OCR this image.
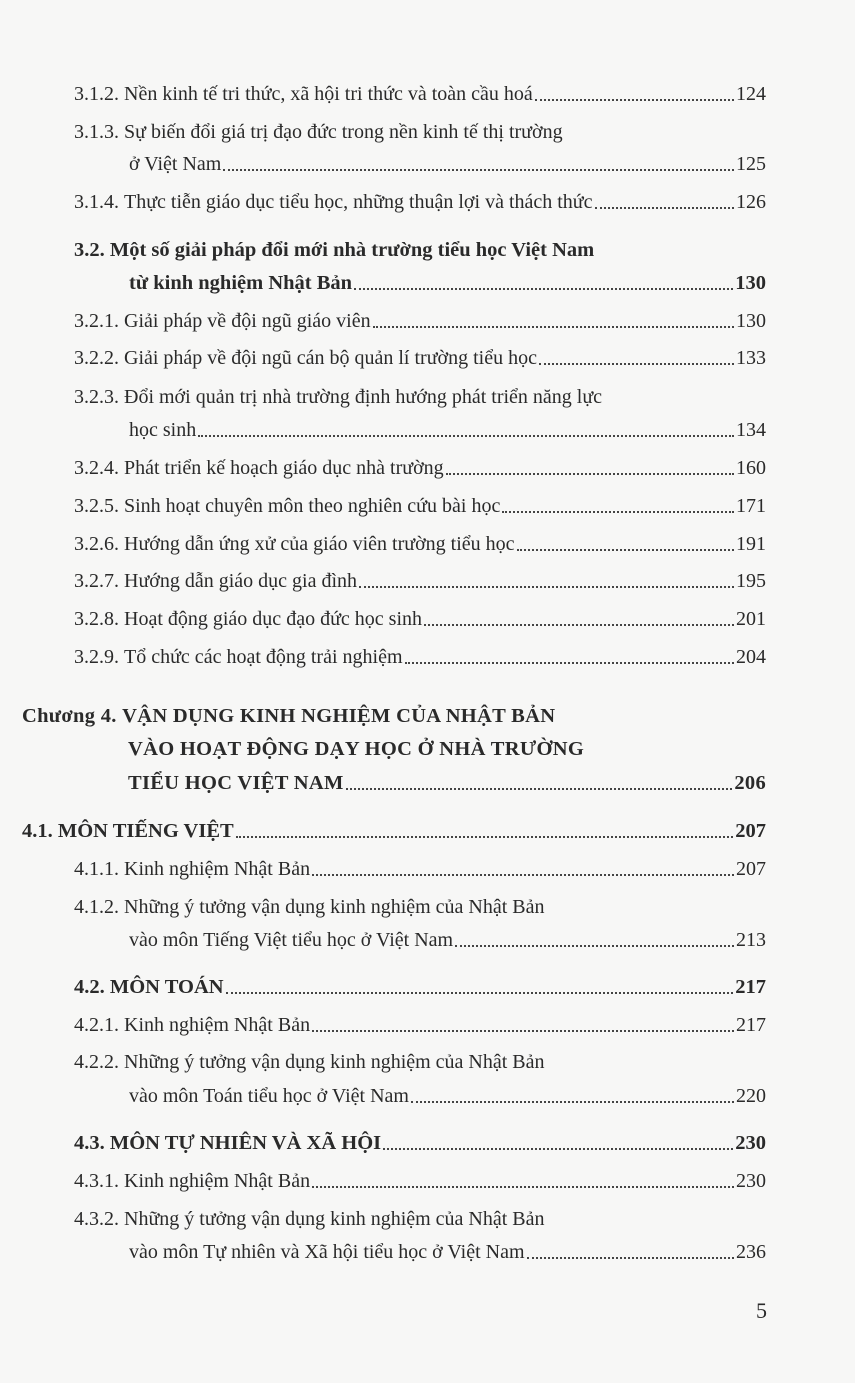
3.1.2.
Nền kinh tế tri thức, xã hội tri thức và toàn cầu hoá	124
3.1.3.
Sự biến đổi giá trị đạo đức trong nền kinh tế thị trường
ở Việt Nam	125
3.1.4.
Thực tiễn giáo dục tiểu học, những thuận lợi và thách thức	126
3.2.
Một số giải pháp đổi mới nhà trường tiểu học Việt Nam
từ kinh nghiệm Nhật Bản	130
3.2.1.
Giải pháp về đội ngũ giáo viên	130
3.2.2.
Giải pháp về đội ngũ cán bộ quản lí trường tiểu học	133
3.2.3.
Đổi mới quản trị nhà trường định hướng phát triển năng lực
học sinh	134
3.2.4.
Phát triển kế hoạch giáo dục nhà trường	160
3.2.5.
Sinh hoạt chuyên môn theo nghiên cứu bài học	171
3.2.6.
Hướng dẫn ứng xử của giáo viên trường tiểu học	191
3.2.7.
Hướng dẫn giáo dục gia đình	195
3.2.8.
Hoạt động giáo dục đạo đức học sinh	201
3.2.9.
Tổ chức các hoạt động trải nghiệm	204
Chương 4.
VẬN DỤNG KINH NGHIỆM CỦA NHẬT BẢN
VÀO HOẠT ĐỘNG DẠY HỌC Ở NHÀ TRƯỜNG
TIỂU HỌC VIỆT NAM	206
4.1.
MÔN TIẾNG VIỆT	207
4.1.1.
Kinh nghiệm Nhật Bản	207
4.1.2.
Những ý tưởng vận dụng kinh nghiệm của Nhật Bản
vào môn Tiếng Việt tiểu học ở Việt Nam	213
4.2.
MÔN TOÁN	217
4.2.1.
Kinh nghiệm Nhật Bản	217
4.2.2.
Những ý tưởng vận dụng kinh nghiệm của Nhật Bản
vào môn Toán tiểu học ở Việt Nam	220
4.3.
MÔN TỰ NHIÊN VÀ XÃ HỘI	230
4.3.1.
Kinh nghiệm Nhật Bản	230
4.3.2.
Những ý tưởng vận dụng kinh nghiệm của Nhật Bản
vào môn Tự nhiên và Xã hội tiểu học ở Việt Nam	236
5
